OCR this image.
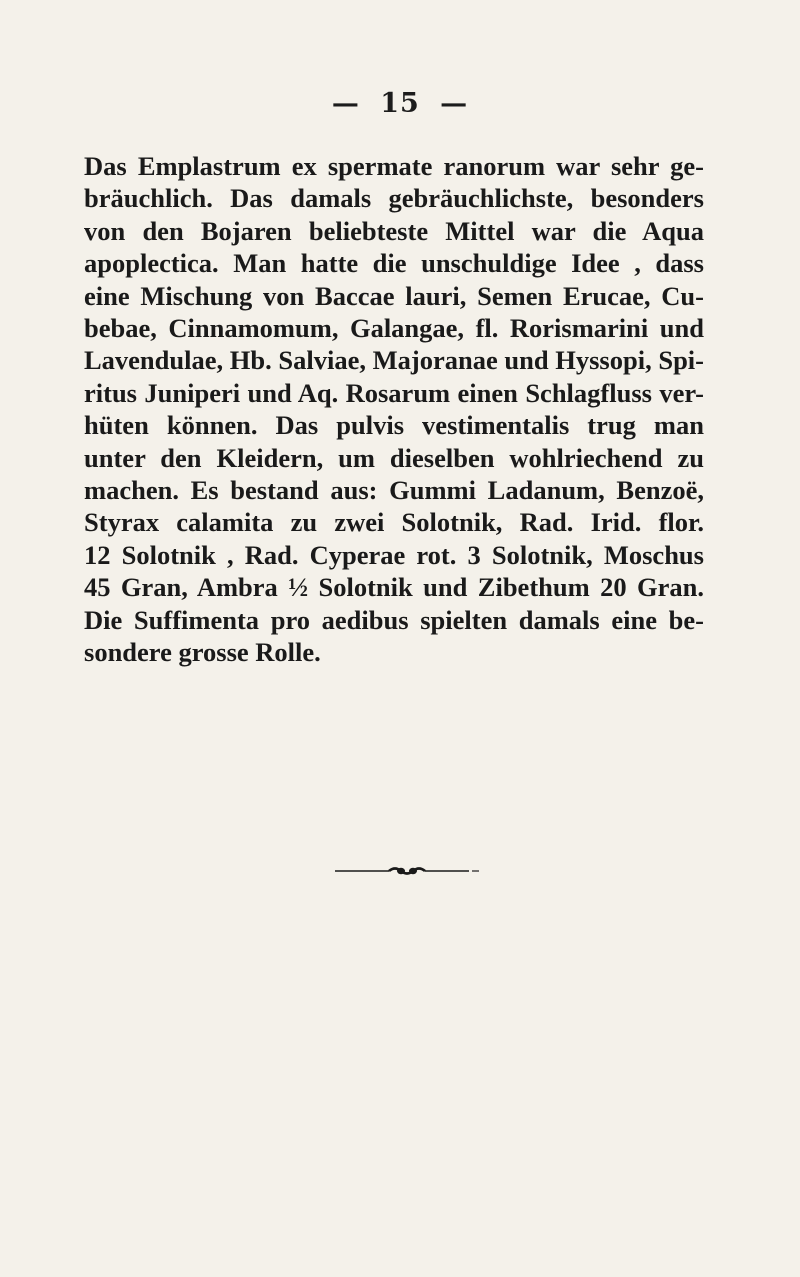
— 15 —
Das Emplastrum ex spermate ranorum war sehr ge-
bräuchlich. Das damals gebräuchlichste, besonders
von den Bojaren beliebteste Mittel war die Aqua
apoplectica. Man hatte die unschuldige Idee , dass
eine Mischung von Baccae lauri, Semen Erucae, Cu-
bebae, Cinnamomum, Galangae, fl. Rorismarini und
Lavendulae, Hb. Salviae, Majoranae und Hyssopi, Spi-
ritus Juniperi und Aq. Rosarum einen Schlagfluss ver-
hüten können. Das pulvis vestimentalis trug man
unter den Kleidern, um dieselben wohlriechend zu
machen. Es bestand aus: Gummi Ladanum, Benzoë,
Styrax calamita zu zwei Solotnik, Rad. Irid. flor.
12 Solotnik , Rad. Cyperae rot. 3 Solotnik, Moschus
45 Gran, Ambra ½ Solotnik und Zibethum 20 Gran.
Die Suffimenta pro aedibus spielten damals eine be-
sondere grosse Rolle.
